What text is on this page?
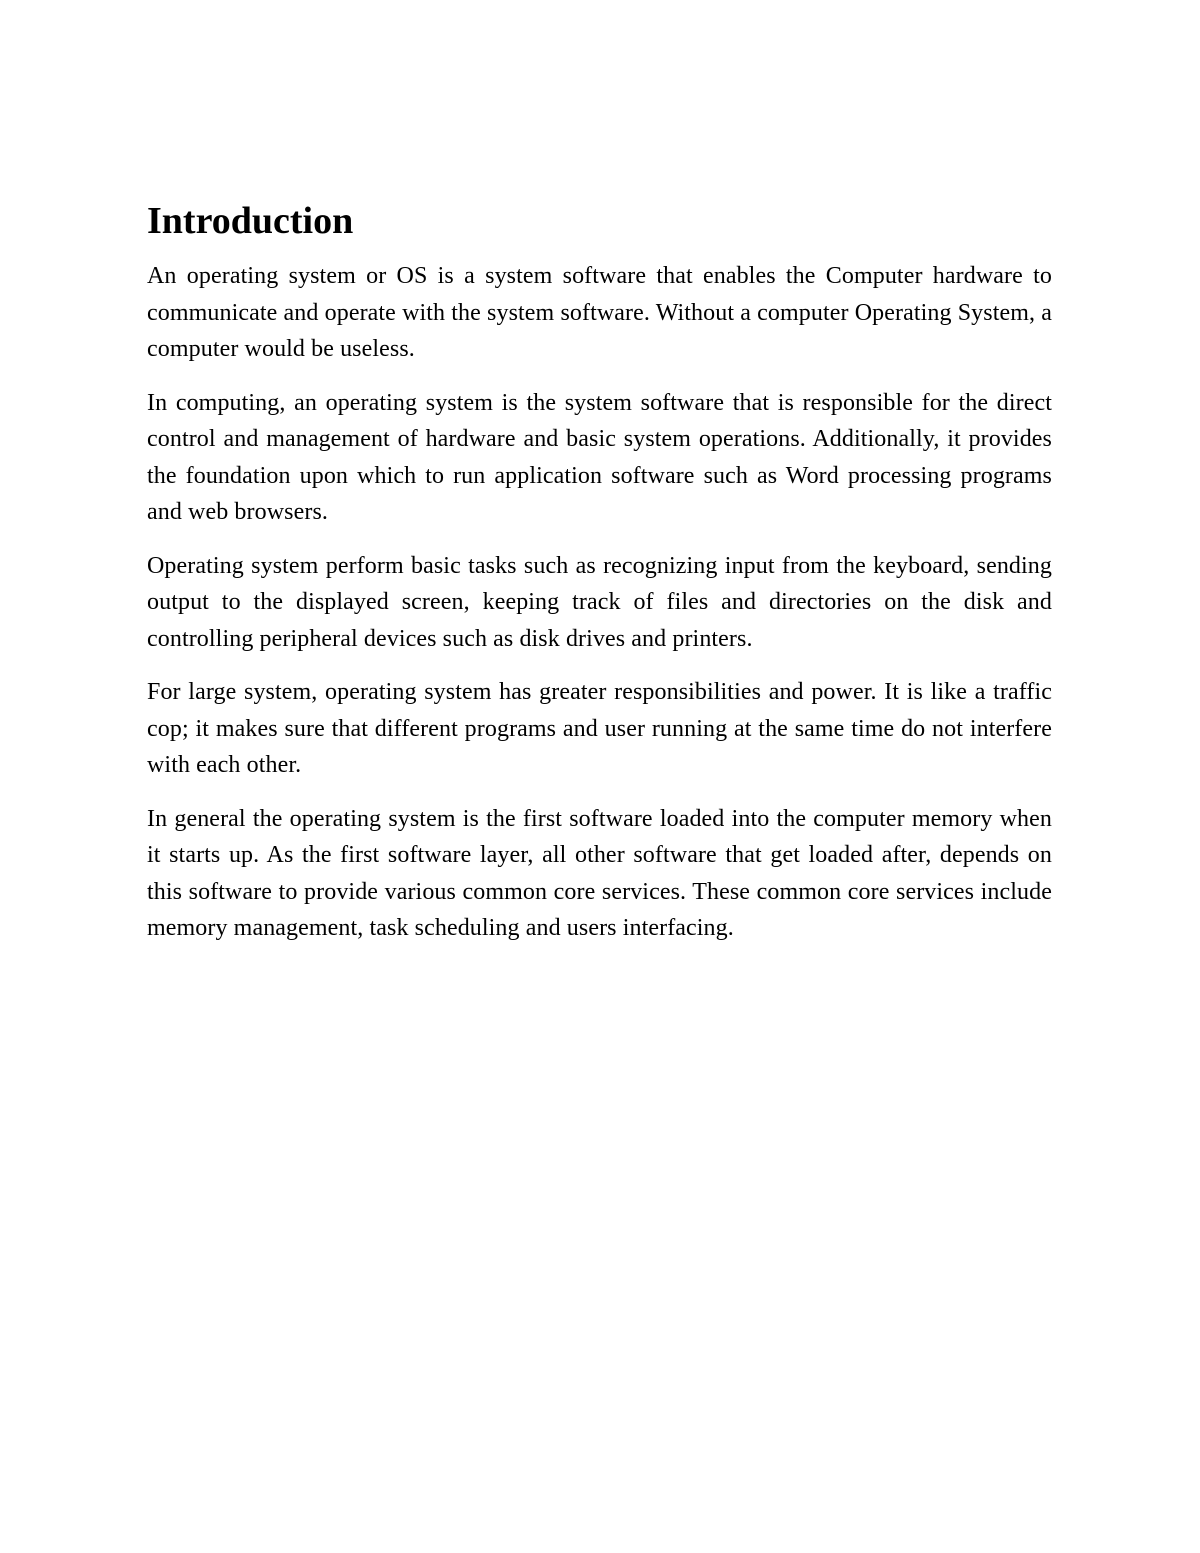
Introduction

An operating system or OS is a system software that enables the Computer hardware to communicate and operate with the system software. Without a computer Operating System, a computer would be useless.

In computing, an operating system is the system software that is responsible for the direct control and management of hardware and basic system operations. Additionally, it provides the foundation upon which to run application software such as Word processing programs and web browsers.

Operating system perform basic tasks such as recognizing input from the keyboard, sending output to the displayed screen, keeping track of files and directories on the disk and controlling peripheral devices such as disk drives and printers.

For large system, operating system has greater responsibilities and power. It is like a traffic cop; it makes sure that different programs and user running at the same time do not interfere with each other.

In general the operating system is the first software loaded into the computer memory when it starts up. As the first software layer, all other software that get loaded after, depends on this software to provide various common core services. These common core services include memory management, task scheduling and users interfacing.
